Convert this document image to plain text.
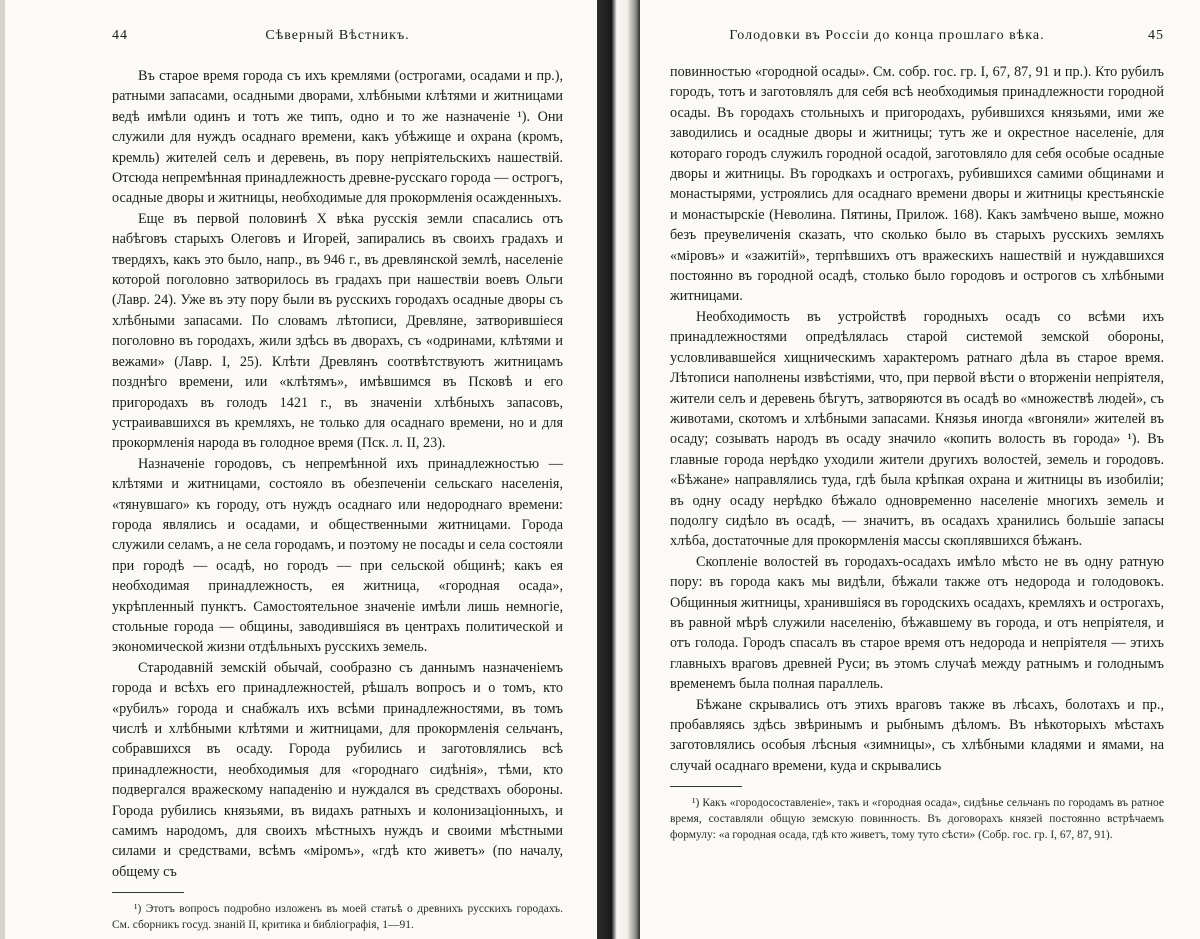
44	Сѣверный Вѣстникъ.

Въ старое время города съ ихъ кремлями (острогами, осадами и пр.), ратными запасами, осадными дворами, хлѣбными клѣтями и житницами ведѣ имѣли одинъ и тотъ же типъ, одно и то же назначеніе ¹). Они служили для нуждъ осаднаго времени, какъ убѣжище и охрана (кромъ, кремль) жителей селъ и деревень, въ пору непріятельскихъ нашествій. Отсюда непремѣнная принадлежность древне-русскаго города — острогъ, осадные дворы и житницы, необходимые для прокормленія осажденныхъ.

Еще въ первой половинѣ X вѣка русскія земли спасались отъ набѣговъ старыхъ Олеговъ и Игорей, запирались въ своихъ градахъ и твердяхъ, какъ это было, напр., въ 946 г., въ древлянской землѣ, населеніе которой поголовно затворилось въ градахъ при нашествіи воевъ Ольги (Лавр. 24). Уже въ эту пору были въ русскихъ городахъ осадные дворы съ хлѣбными запасами. По словамъ лѣтописи, Древляне, затворившіеся поголовно въ городахъ, жили здѣсь въ дворахъ, съ «одринами, клѣтями и вежами» (Лавр. I, 25). Клѣти Древлянъ соотвѣтствуютъ житницамъ позднѣго времени, или «клѣтямъ», имѣвшимся въ Псковѣ и его пригородахъ въ голодъ 1421 г., въ значеніи хлѣбныхъ запасовъ, устраивавшихся въ кремляхъ, не только для осаднаго времени, но и для прокормленія народа въ голодное время (Пск. л. II, 23).

Назначеніе городовъ, съ непремѣнной ихъ принадлежностью — клѣтями и житницами, состояло въ обезпеченіи сельскаго населенія, «тянувшаго» къ городу, отъ нуждъ осаднаго или недороднаго времени: города являлись и осадами, и общественными житницами. Города служили селамъ, а не села городамъ, и поэтому не посады и села состояли при городѣ — осадѣ, но городъ — при сельской общинѣ; какъ ея необходимая принадлежность, ея житница, «городная осада», укрѣпленный пунктъ. Самостоятельное значеніе имѣли лишь немногіе, стольные города — общины, заводившіяся въ центрахъ политической и экономической жизни отдѣльныхъ русскихъ земель.

Стародавній земскій обычай, сообразно съ даннымъ назначеніемъ города и всѣхъ его принадлежностей, рѣшалъ вопросъ и о томъ, кто «рубилъ» города и снабжалъ ихъ всѣми принадлежностями, въ томъ числѣ и хлѣбными клѣтями и житницами, для прокормленія сельчанъ, собравшихся въ осаду. Города рубились и заготовлялись всѣ принадлежности, необходимыя для «городнаго сидѣнія», тѣми, кто подвергался вражескому нападенію и нуждался въ средствахъ обороны. Города рубились князьями, въ видахъ ратныхъ и колонизаціонныхъ, и самимъ народомъ, для своихъ мѣстныхъ нуждъ и своими мѣстными силами и средствами, всѣмъ «міромъ», «гдѣ кто живетъ» (по началу, общему съ

¹) Этотъ вопросъ подробно изложенъ въ моей статьѣ о древнихъ русскихъ городахъ. См. сборникъ госуд. знаній II, критика и библіографія, 1—91.

Голодовки въ Россіи до конца прошлаго вѣка.	45

повинностью «городной осады». См. собр. гос. гр. I, 67, 87, 91 и пр.). Кто рубилъ городъ, тотъ и заготовлялъ для себя всѣ необходимыя принадлежности городной осады. Въ городахъ стольныхъ и пригородахъ, рубившихся князьями, ими же заводились и осадные дворы и житницы; тутъ же и окрестное населеніе, для котораго городъ служилъ городной осадой, заготовляло для себя особые осадные дворы и житницы. Въ городкахъ и острогахъ, рубившихся самими общинами и монастырями, устроялись для осаднаго времени дворы и житницы крестьянскіе и монастырскіе (Неволина. Пятины, Прилож. 168). Какъ замѣчено выше, можно безъ преувеличенія сказать, что сколько было въ старыхъ русскихъ земляхъ «міровъ» и «зажитій», терпѣвшихъ отъ вражескихъ нашествій и нуждавшихся постоянно въ городной осадѣ, столько было городовъ и острогов съ хлѣбными житницами.

Необходимость въ устройствѣ городныхъ осадъ со всѣми ихъ принадлежностями опредѣлялась старой системой земской обороны, условливавшейся хищническимъ характеромъ ратнаго дѣла въ старое время. Лѣтописи наполнены извѣстіями, что, при первой вѣсти о вторженіи непріятеля, жители селъ и деревень бѣгутъ, затворяются въ осадѣ во «множествѣ людей», съ животами, скотомъ и хлѣбными запасами. Князья иногда «вгоняли» жителей въ осаду; созывать народъ въ осаду значило «копить волость въ города» ¹). Въ главные города нерѣдко уходили жители другихъ волостей, земель и городовъ. «Бѣжане» направлялись туда, гдѣ была крѣпкая охрана и житницы въ изобиліи; въ одну осаду нерѣдко бѣжало одновременно населеніе многихъ земель и подолгу сидѣло въ осадѣ, — значитъ, въ осадахъ хранились большіе запасы хлѣба, достаточные для прокормленія массы скоплявшихся бѣжанъ.

Скопленіе волостей въ городахъ-осадахъ имѣло мѣсто не въ одну ратную пору: въ города какъ мы видѣли, бѣжали также отъ недорода и голодовокъ. Общинныя житницы, хранившіяся въ городскихъ осадахъ, кремляхъ и острогахъ, въ равной мѣрѣ служили населенію, бѣжавшему въ города, и отъ непріятеля, и отъ голода. Городъ спасалъ въ старое время отъ недорода и непріятеля — этихъ главныхъ враговъ древней Руси; въ этомъ случаѣ между ратнымъ и голоднымъ временемъ была полная параллель.

Бѣжане скрывались отъ этихъ враговъ также въ лѣсахъ, болотахъ и пр., пробавляясь здѣсь звѣринымъ и рыбнымъ дѣломъ. Въ нѣкоторыхъ мѣстахъ заготовлялись особыя лѣсныя «зимницы», съ хлѣбными кладями и ямами, на случай осаднаго времени, куда и скрывались

¹) Какъ «городосоставленіе», такъ и «городная осада», сидѣнье сельчанъ по городамъ въ ратное время, составляли общую земскую повинность. Въ договорахъ князей постоянно встрѣчаемъ формулу: «а городная осада, гдѣ кто живетъ, тому туто сѣсти» (Собр. гос. гр. I, 67, 87, 91).
